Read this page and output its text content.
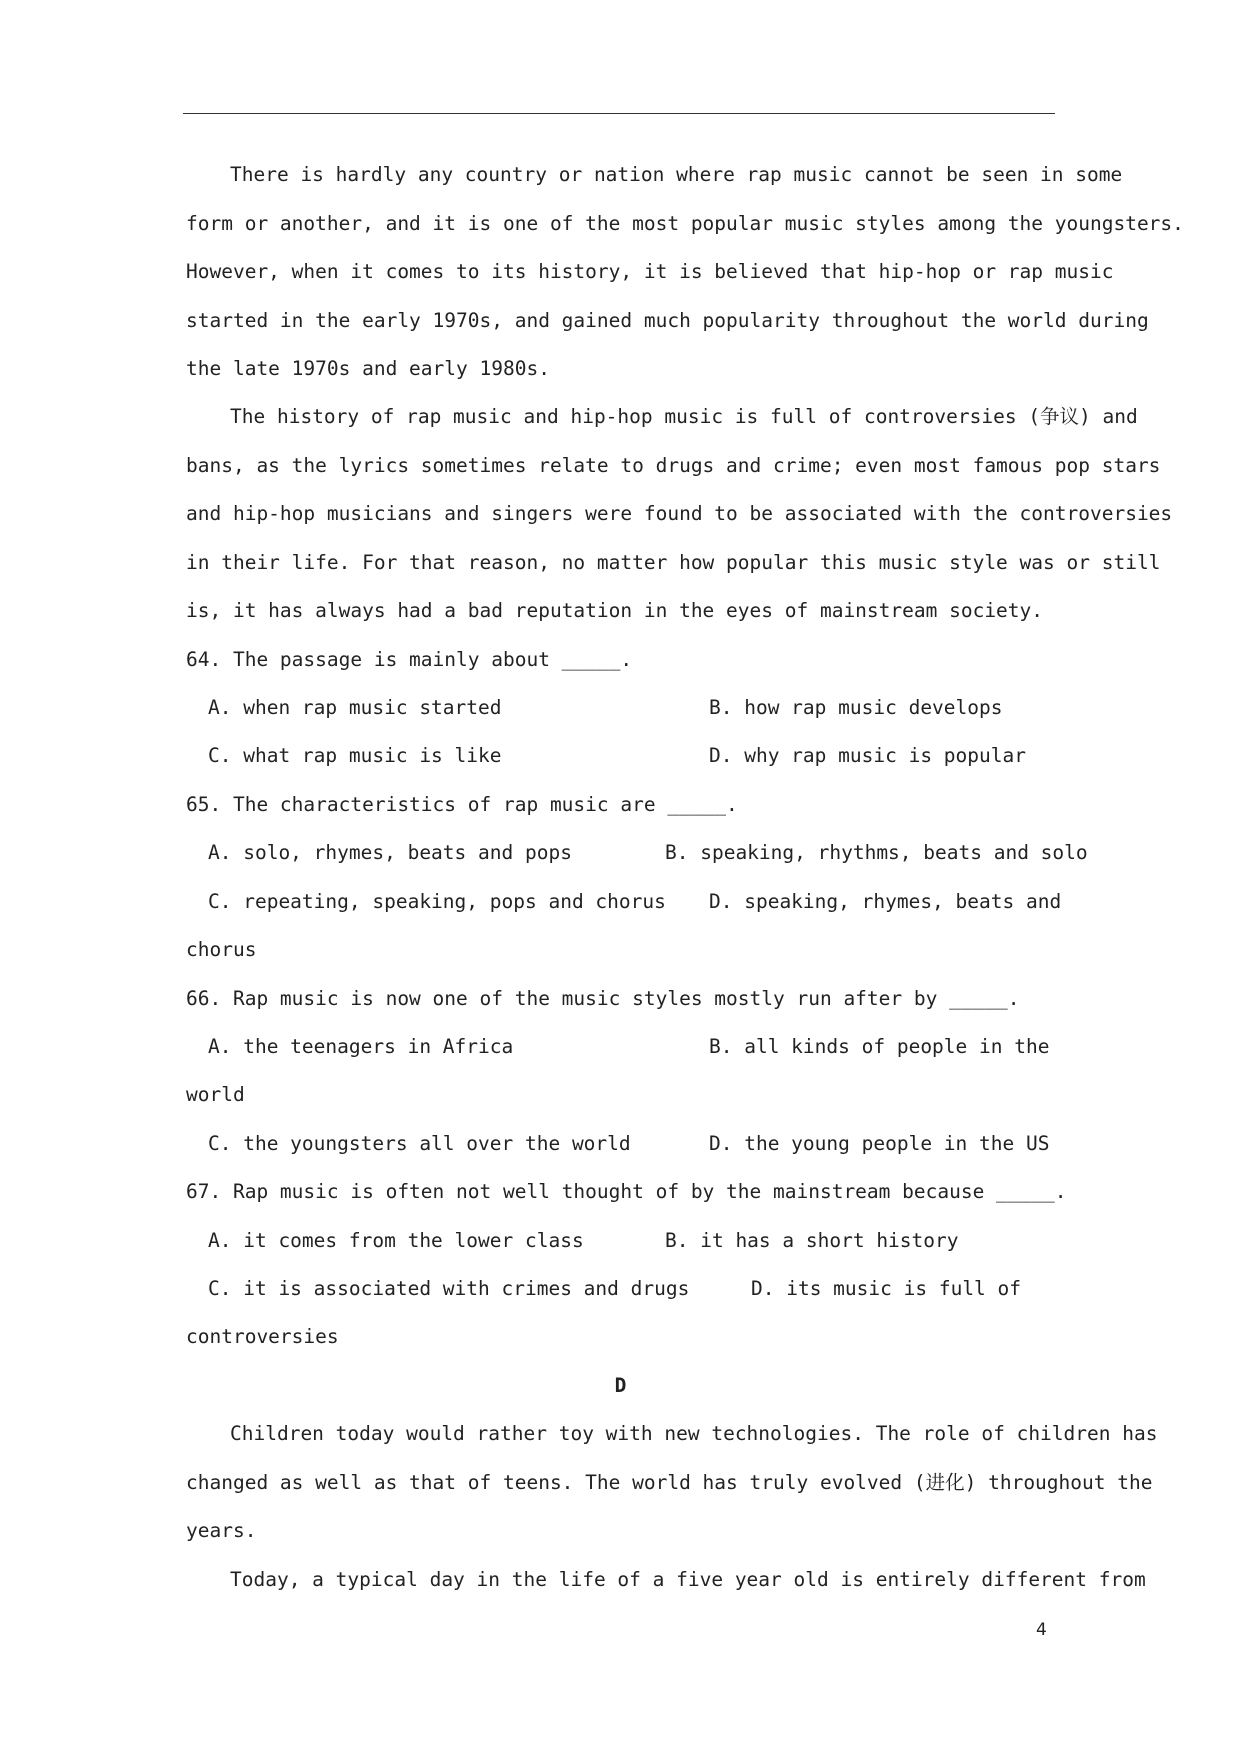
There is hardly any country or nation where rap music cannot be seen in some
form or another, and it is one of the most popular music styles among the youngsters.
However, when it comes to its history, it is believed that hip-hop or rap music
started in the early 1970s, and gained much popularity throughout the world during
the late 1970s and early 1980s.
The history of rap music and hip-hop music is full of controversies (争议) and
bans, as the lyrics sometimes relate to drugs and crime; even most famous pop stars
and hip-hop musicians and singers were found to be associated with the controversies
in their life. For that reason, no matter how popular this music style was or still
is, it has always had a bad reputation in the eyes of mainstream society.
64. The passage is mainly about _____.
A. when rap music started	B. how rap music develops
C. what rap music is like	D. why rap music is popular
65. The characteristics of rap music are _____.
A. solo, rhymes, beats and pops	B. speaking, rhythms, beats and solo
C. repeating, speaking, pops and chorus D. speaking, rhymes, beats and
chorus
66. Rap music is now one of the music styles mostly run after by _____.
A. the teenagers in Africa	B. all kinds of people in the
world
C. the youngsters all over the world	D. the young people in the US
67. Rap music is often not well thought of by the mainstream because _____.
A. it comes from the lower class	B. it has a short history
C. it is associated with crimes and drugs	D. its music is full of
controversies
D
Children today would rather toy with new technologies. The role of children has
changed as well as that of teens. The world has truly evolved (进化) throughout the
years.
Today, a typical day in the life of a five year old is entirely different from
4
